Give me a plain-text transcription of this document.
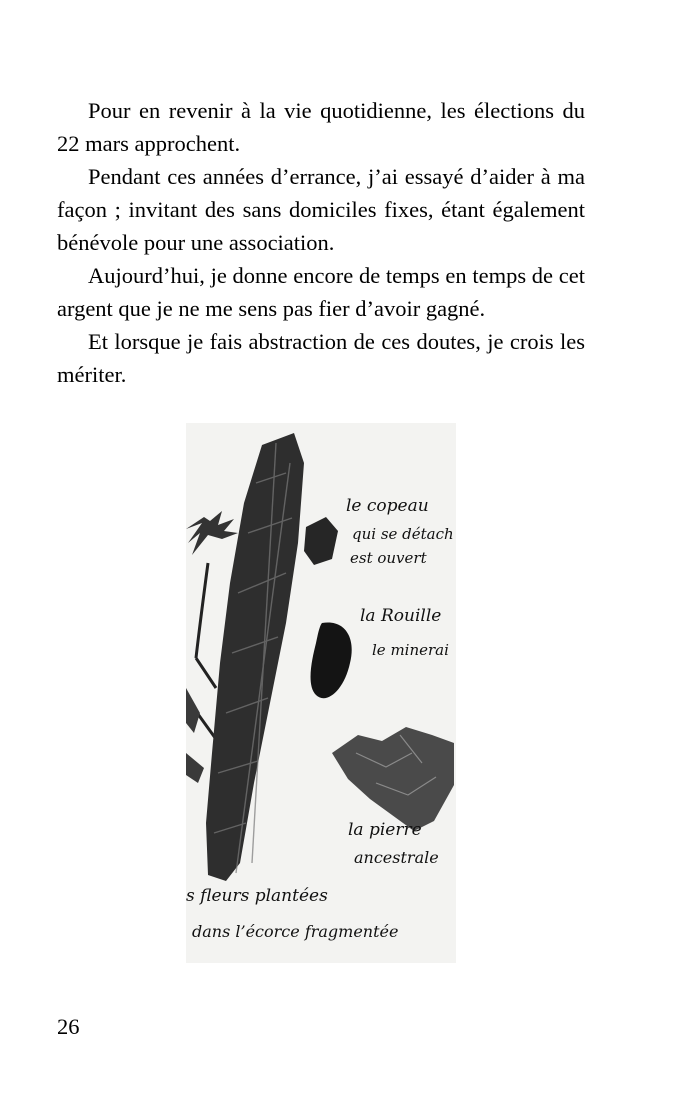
Pour en revenir à la vie quotidienne, les élections du 22 mars approchent.

Pendant ces années d’errance, j’ai essayé d’aider à ma façon ; invitant des sans domiciles fixes, étant également bénévole pour une association.

Aujourd’hui, je donne encore de temps en temps de cet argent que je ne me sens pas fier d’avoir gagné.

Et lorsque je fais abstraction de ces doutes, je crois les mériter.

le copeau
qui se détach
est ouvert
la Rouille
le minerai
la pierre
ancestrale
s fleurs plantées
dans l’écorce fragmentée
26
